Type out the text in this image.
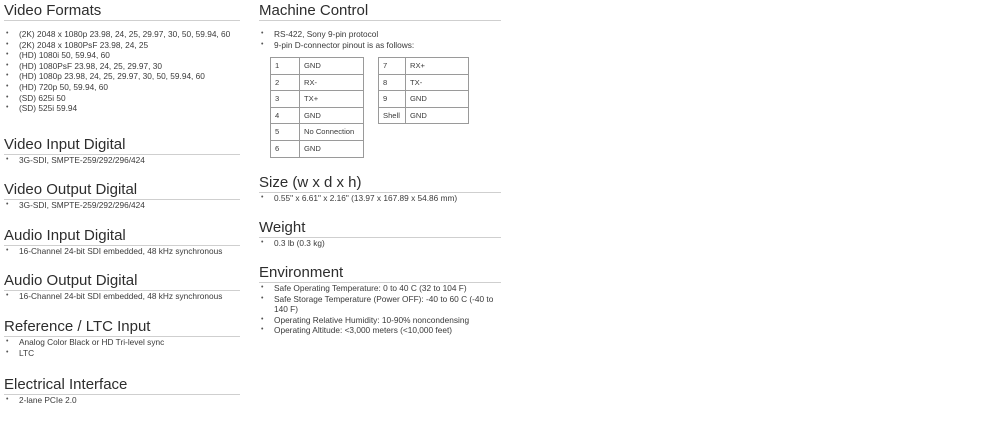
Video Formats
• (2K) 2048 x 1080p 23.98, 24, 25, 29.97, 30, 50, 59.94, 60
• (2K) 2048 x 1080PsF 23.98, 24, 25
• (HD) 1080i 50, 59.94, 60
• (HD) 1080PsF 23.98, 24, 25, 29.97, 30
• (HD) 1080p 23.98, 24, 25, 29.97, 30, 50, 59.94, 60
• (HD) 720p 50, 59.94, 60
• (SD) 625i 50
• (SD) 525i 59.94
Video Input Digital
• 3G-SDI, SMPTE-259/292/296/424
Video Output Digital
• 3G-SDI, SMPTE-259/292/296/424
Audio Input Digital
• 16-Channel 24-bit SDI embedded, 48 kHz synchronous
Audio Output Digital
• 16-Channel 24-bit SDI embedded, 48 kHz synchronous
Reference / LTC Input
• Analog Color Black or HD Tri-level sync
• LTC
Electrical Interface
• 2-lane PCIe 2.0
Machine Control
• RS-422, Sony 9-pin protocol
• 9-pin D-connector pinout is as follows:
1	GND
2	RX-
3	TX+
4	GND
5	No Connection
6	GND
7	RX+
8	TX-
9	GND
Shell	GND
Size (w x d x h)
• 0.55" x 6.61" x 2.16" (13.97 x 167.89 x 54.86 mm)
Weight
• 0.3 lb (0.3 kg)
Environment
• Safe Operating Temperature: 0 to 40 C (32 to 104 F)
• Safe Storage Temperature (Power OFF): -40 to 60 C (-40 to 140 F)
• Operating Relative Humidity: 10-90% noncondensing
• Operating Altitude: <3,000 meters (<10,000 feet)
